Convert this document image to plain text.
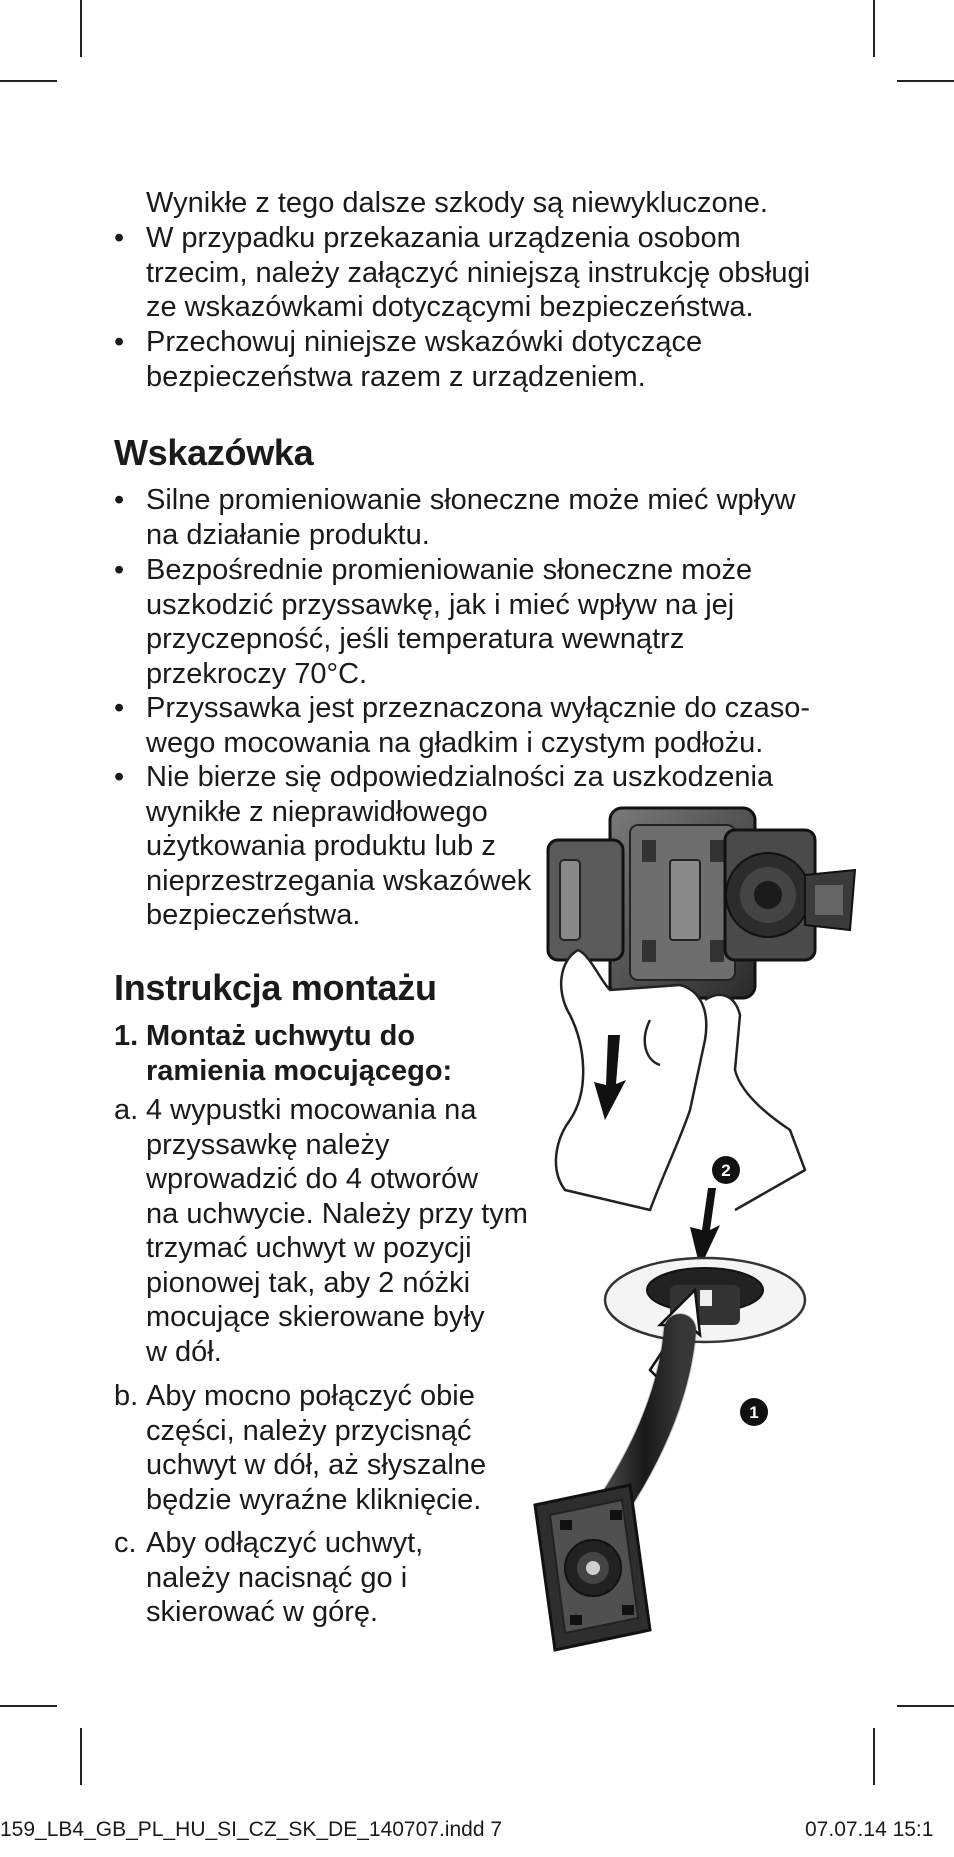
Wynikłe z tego dalsze szkody są niewykluczone.

• W przypadku przekazania urządzenia osobom
trzecim, należy załączyć niniejszą instrukcję obsługi
ze wskazówkami dotyczącymi bezpieczeństwa.

• Przechowuj niniejsze wskazówki dotyczące
bezpieczeństwa razem z urządzeniem.

Wskazówka
• Silne promieniowanie słoneczne może mieć wpływ
na działanie produktu.

• Bezpośrednie promieniowanie słoneczne może
uszkodzić przyssawkę, jak i mieć wpływ na jej
przyczepność, jeśli temperatura wewnątrz
przekroczy 70°C.

• Przyssawka jest przeznaczona wyłącznie do czaso-
wego mocowania na gładkim i czystym podłożu.

• Nie bierze się odpowiedzialności za uszkodzenia
wynikłe z nieprawidłowego
użytkowania produktu lub z
nieprzestrzegania wskazówek
bezpieczeństwa.

Instrukcja montażu
1. Montaż uchwytu do
ramienia mocującego:
a. 4 wypustki mocowania na
przyssawkę należy
wprowadzić do 4 otworów
na uchwycie. Należy przy tym
trzymać uchwyt w pozycji
pionowej tak, aby 2 nóżki
mocujące skierowane były
w dół.

b. Aby mocno połączyć obie
części, należy przycisnąć
uchwyt w dół, aż słyszalne
będzie wyraźne kliknięcie.

c. Aby odłączyć uchwyt,
należy nacisnąć go i
skierować w górę.

2
1
159_LB4_GB_PL_HU_SI_CZ_SK_DE_140707.indd 7	07.07.14 15:1
